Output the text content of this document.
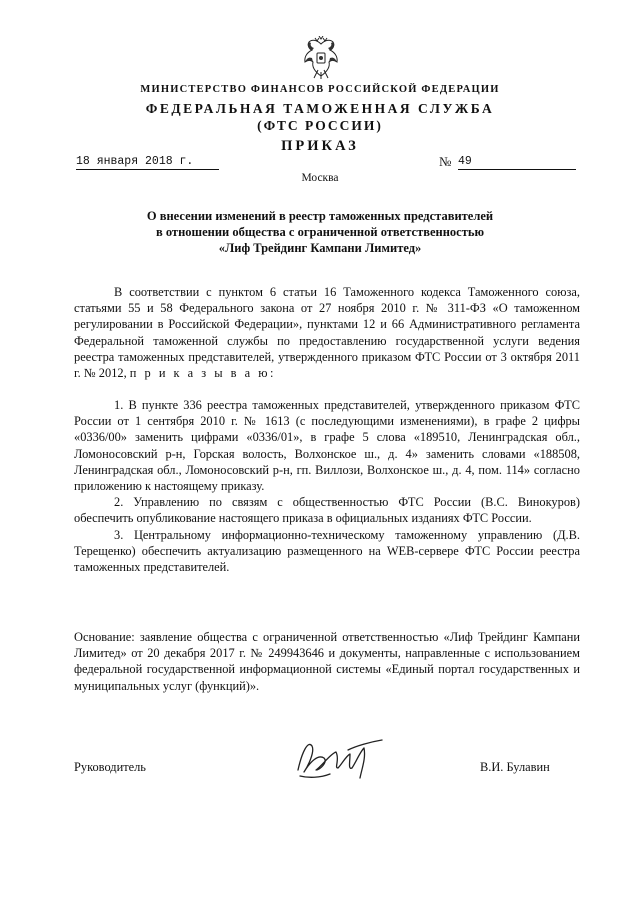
МИНИСТЕРСТВО ФИНАНСОВ РОССИЙСКОЙ ФЕДЕРАЦИИ
ФЕДЕРАЛЬНАЯ ТАМОЖЕННАЯ СЛУЖБА
(ФТС РОССИИ)
ПРИКАЗ
18 января 2018 г.	№ 49
Москва
О внесении изменений в реестр таможенных представителей
в отношении общества с ограниченной ответственностью
«Лиф Трейдинг Кампани Лимитед»

В соответствии с пунктом 6 статьи 16 Таможенного кодекса Таможенного союза, статьями 55 и 58 Федерального закона от 27 ноября 2010 г. № 311-ФЗ «О таможенном регулировании в Российской Федерации», пунктами 12 и 66 Административного регламента Федеральной таможенной службы по предоставлению государственной услуги ведения реестра таможенных представителей, утвержденного приказом ФТС России от 3 октября 2011 г. № 2012, п р и к а з ы в а ю:

1. В пункте 336 реестра таможенных представителей, утвержденного приказом ФТС России от 1 сентября 2010 г. № 1613 (с последующими изменениями), в графе 2 цифры «0336/00» заменить цифрами «0336/01», в графе 5 слова «189510, Ленинградская обл., Ломоносовский р-н, Горская волость, Волхонское ш., д. 4» заменить словами «188508, Ленинградская обл., Ломоносовский р-н, гп. Виллози, Волхонское ш., д. 4, пом. 114» согласно приложению к настоящему приказу.

2. Управлению по связям с общественностью ФТС России (В.С. Винокуров) обеспечить опубликование настоящего приказа в официальных изданиях ФТС России.

3. Центральному информационно-техническому таможенному управлению (Д.В. Терещенко) обеспечить актуализацию размещенного на WEB-сервере ФТС России реестра таможенных представителей.

Основание: заявление общества с ограниченной ответственностью «Лиф Трейдинг Кампани Лимитед» от 20 декабря 2017 г. № 249943646 и документы, направленные с использованием федеральной государственной информационной системы «Единый портал государственных и муниципальных услуг (функций)».

Руководитель	В.И. Булавин
